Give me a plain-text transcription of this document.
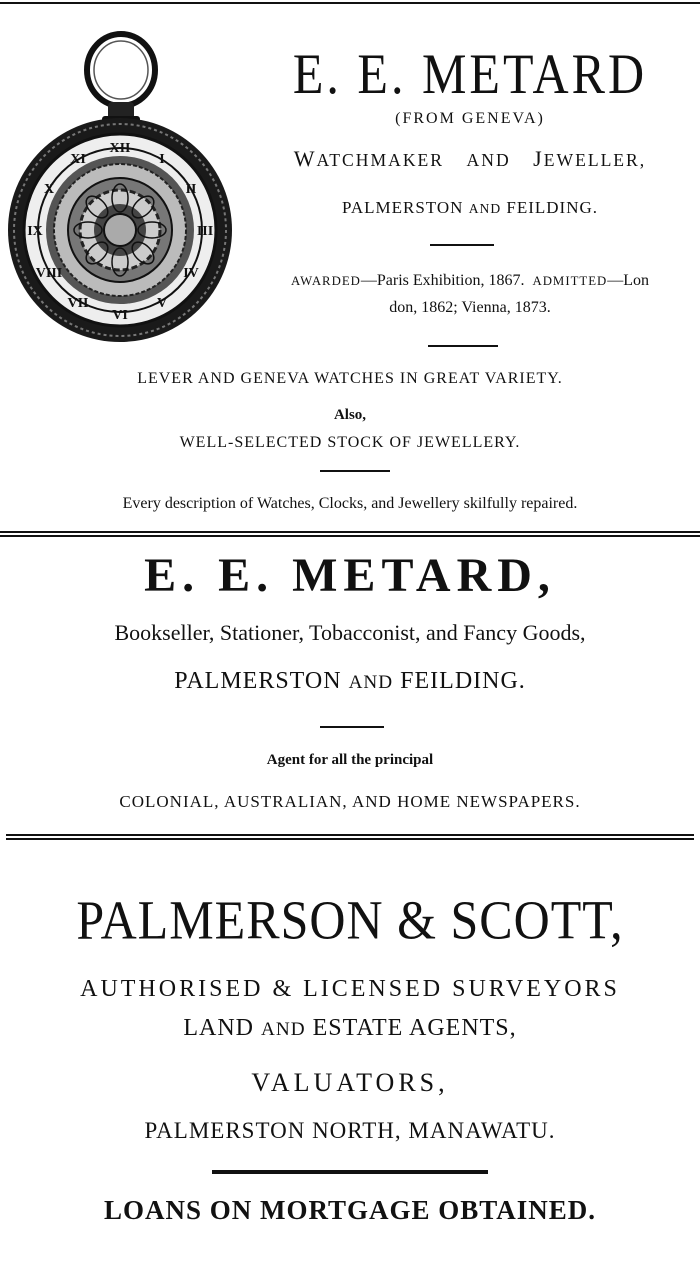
XII
I
II
III
IV
V
VI
VII
VIII
IX
X
XI
E. E. METARD
(FROM GENEVA)
WATCHMAKER AND JEWELLER,
PALMERSTON AND FEILDING.
AWARDED—Paris Exhibition, 1867. ADMITTED—Lon
don, 1862; Vienna, 1873.
LEVER AND GENEVA WATCHES IN GREAT VARIETY.
Also,
WELL-SELECTED STOCK OF JEWELLERY.
Every description of Watches, Clocks, and Jewellery skilfully repaired.
E. E. METARD,
Bookseller, Stationer, Tobacconist, and Fancy Goods,
PALMERSTON AND FEILDING.
Agent for all the principal
COLONIAL, AUSTRALIAN, AND HOME NEWSPAPERS.
PALMERSON & SCOTT,
AUTHORISED & LICENSED SURVEYORS
LAND AND ESTATE AGENTS,
VALUATORS,
PALMERSTON NORTH, MANAWATU.
LOANS ON MORTGAGE OBTAINED.
